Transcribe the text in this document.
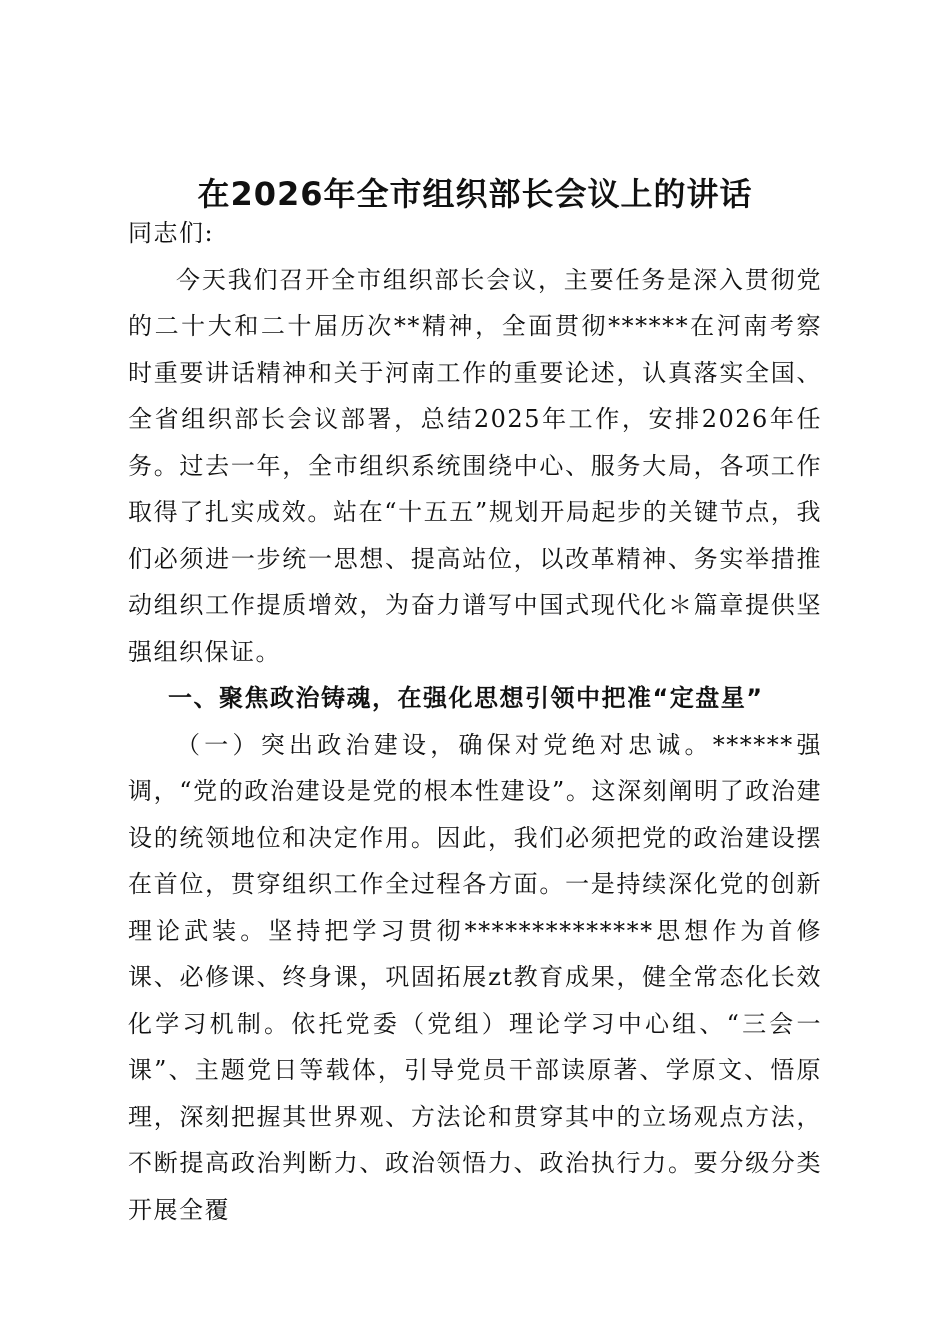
在2026年全市组织部长会议上的讲话

同志们:

今天我们召开全市组织部长会议，主要任务是深入贯彻党的二十大和二十届历次**精神，全面贯彻******在河南考察时重要讲话精神和关于河南工作的重要论述，认真落实全国、全省组织部长会议部署，总结2025年工作，安排2026年任务。过去一年，全市组织系统围绕中心、服务大局，各项工作取得了扎实成效。站在“十五五”规划开局起步的关键节点，我们必须进一步统一思想、提高站位，以改革精神、务实举措推动组织工作提质增效，为奋力谱写中国式现代化＊篇章提供坚强组织保证。

一、聚焦政治铸魂，在强化思想引领中把准“定盘星”

（一）突出政治建设，确保对党绝对忠诚。******强调，“党的政治建设是党的根本性建设”。这深刻阐明了政治建设的统领地位和决定作用。因此，我们必须把党的政治建设摆在首位，贯穿组织工作全过程各方面。一是持续深化党的创新理论武装。坚持把学习贯彻**************思想作为首修课、必修课、终身课，巩固拓展zt教育成果，健全常态化长效化学习机制。依托党委（党组）理论学习中心组、“三会一课”、主题党日等载体，引导党员干部读原著、学原文、悟原理，深刻把握其世界观、方法论和贯穿其中的立场观点方法，不断提高政治判断力、政治领悟力、政治执行力。要分级分类开展全覆
